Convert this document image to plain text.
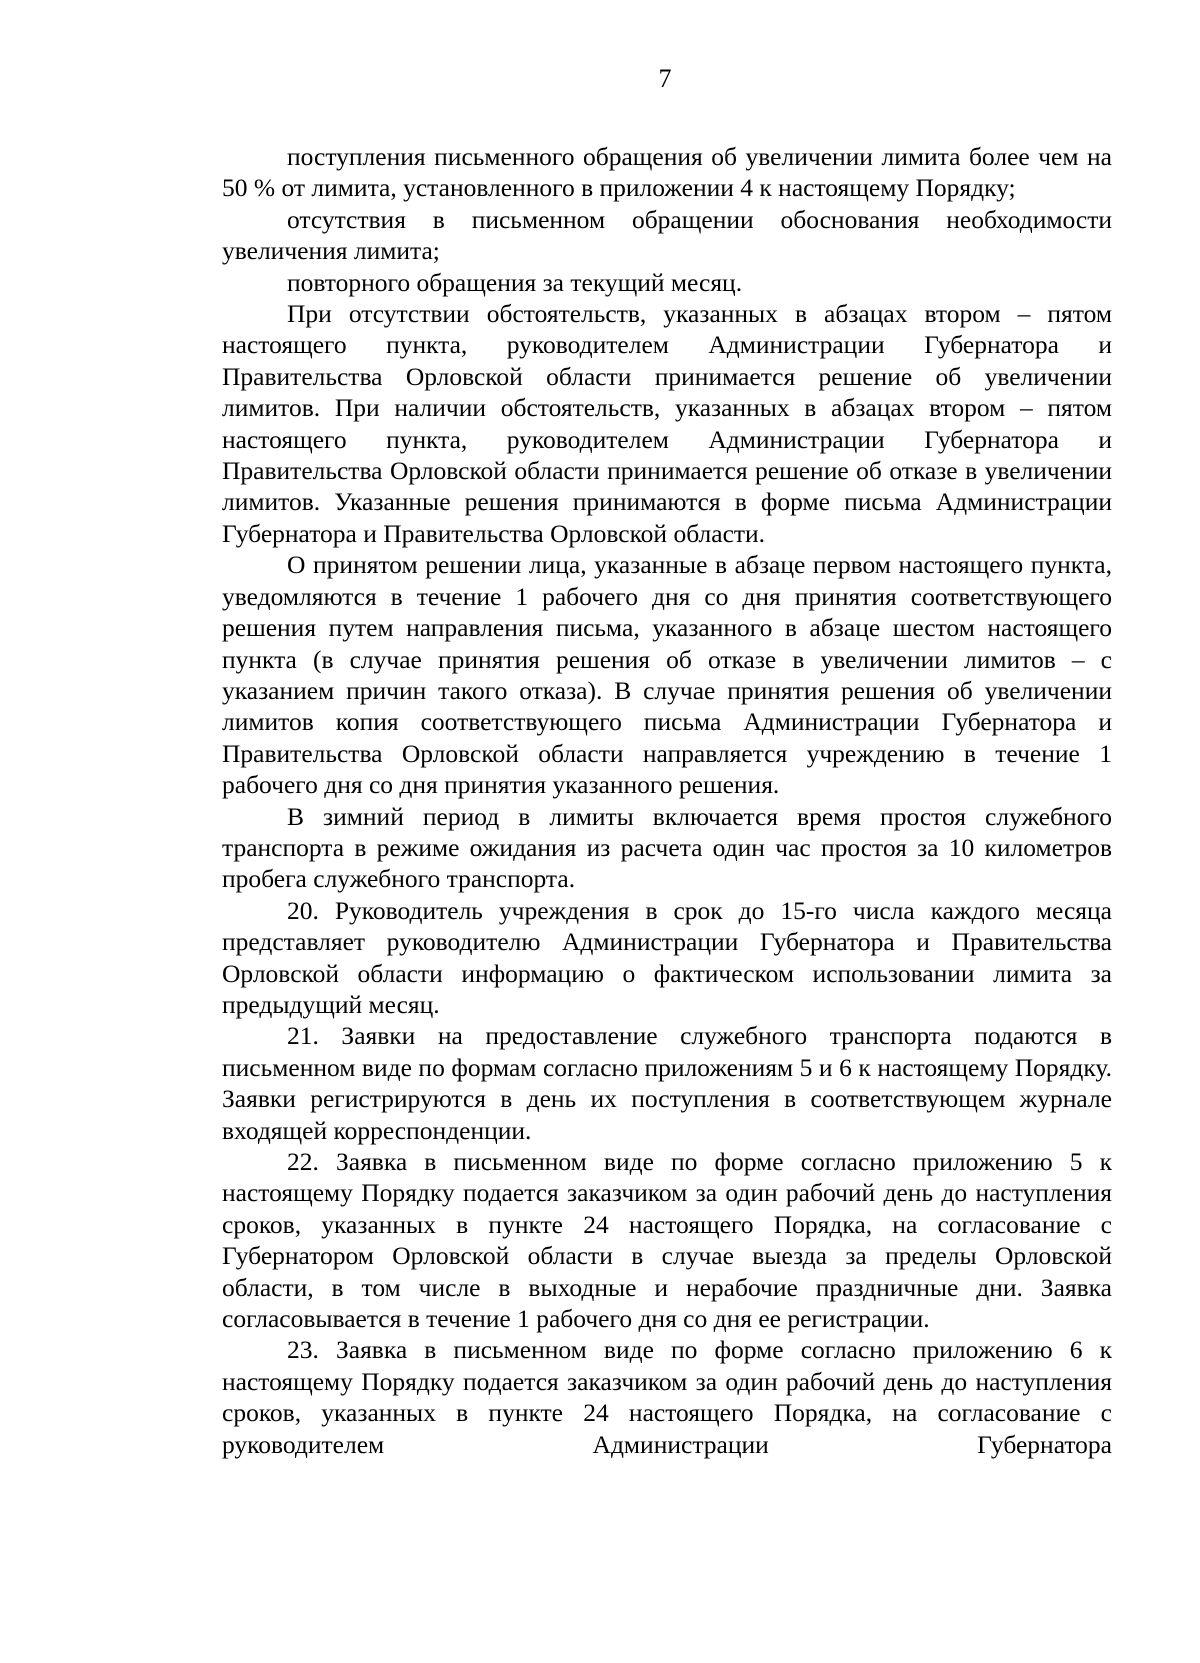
7

поступления письменного обращения об увеличении лимита более чем на 50 % от лимита, установленного в приложении 4 к настоящему Порядку;

отсутствия в письменном обращении обоснования необходимости увеличения лимита;

повторного обращения за текущий месяц.

При отсутствии обстоятельств, указанных в абзацах втором – пятом настоящего пункта, руководителем Администрации Губернатора и Правительства Орловской области принимается решение об увеличении лимитов. При наличии обстоятельств, указанных в абзацах втором – пятом настоящего пункта, руководителем Администрации Губернатора и Правительства Орловской области принимается решение об отказе в увеличении лимитов. Указанные решения принимаются в форме письма Администрации Губернатора и Правительства Орловской области.

О принятом решении лица, указанные в абзаце первом настоящего пункта, уведомляются в течение 1 рабочего дня со дня принятия соответствующего решения путем направления письма, указанного в абзаце шестом настоящего пункта (в случае принятия решения об отказе в увеличении лимитов – с указанием причин такого отказа). В случае принятия решения об увеличении лимитов копия соответствующего письма Администрации Губернатора и Правительства Орловской области направляется учреждению в течение 1 рабочего дня со дня принятия указанного решения.

В зимний период в лимиты включается время простоя служебного транспорта в режиме ожидания из расчета один час простоя за 10 километров пробега служебного транспорта.

20. Руководитель учреждения в срок до 15-го числа каждого месяца представляет руководителю Администрации Губернатора и Правительства Орловской области информацию о фактическом использовании лимита за предыдущий месяц.

21. Заявки на предоставление служебного транспорта подаются в письменном виде по формам согласно приложениям 5 и 6 к настоящему Порядку. Заявки регистрируются в день их поступления в соответствующем журнале входящей корреспонденции.

22. Заявка в письменном виде по форме согласно приложению 5 к настоящему Порядку подается заказчиком за один рабочий день до наступления сроков, указанных в пункте 24 настоящего Порядка, на согласование с Губернатором Орловской области в случае выезда за пределы Орловской области, в том числе в выходные и нерабочие праздничные дни. Заявка согласовывается в течение 1 рабочего дня со дня ее регистрации.

23. Заявка в письменном виде по форме согласно приложению 6 к настоящему Порядку подается заказчиком за один рабочий день до наступления сроков, указанных в пункте 24 настоящего Порядка, на согласование с руководителем Администрации Губернатора
